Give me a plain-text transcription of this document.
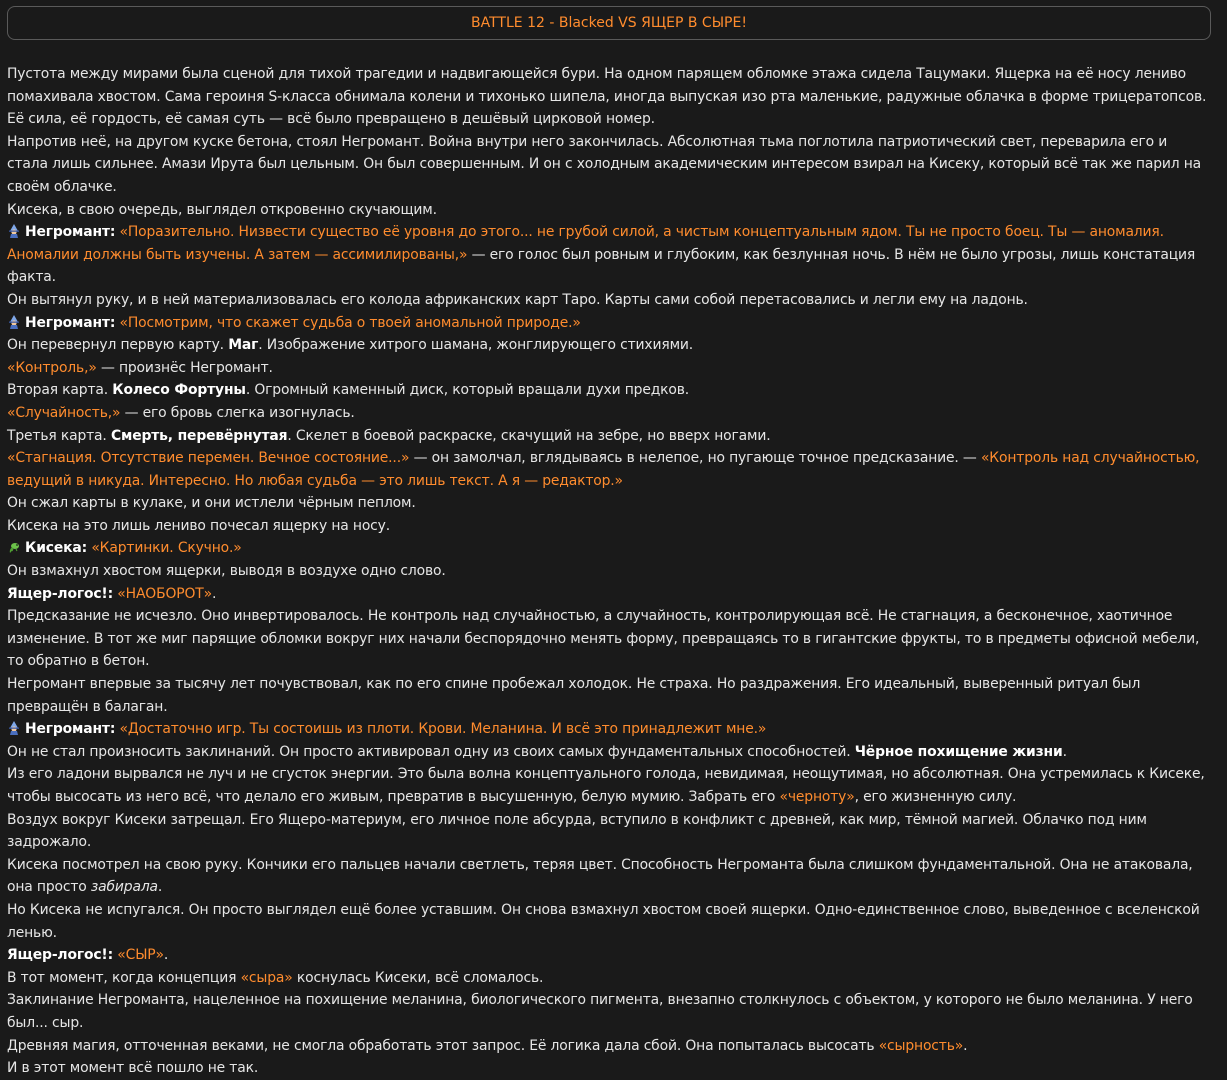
BATTLE 12 - Blacked VS ЯЩЕР В СЫРЕ!

Пустота между мирами была сценой для тихой трагедии и надвигающейся бури. На одном парящем обломке этажа сидела Тацумаки. Ящерка на её носу лениво помахивала хвостом. Сама героиня S-класса обнимала колени и тихонько шипела, иногда выпуская изо рта маленькие, радужные облачка в форме трицератопсов. Её сила, её гордость, её самая суть — всё было превращено в дешёвый цирковой номер.

Напротив неё, на другом куске бетона, стоял Негромант. Война внутри него закончилась. Абсолютная тьма поглотила патриотический свет, переварила его и стала лишь сильнее. Амази Ирута был цельным. Он был совершенным. И он с холодным академическим интересом взирал на Кисеку, который всё так же парил на своём облачке.

Кисека, в свою очередь, выглядел откровенно скучающим.

Негромант: «Поразительно. Низвести существо её уровня до этого... не грубой силой, а чистым концептуальным ядом. Ты не просто боец. Ты — аномалия. Аномалии должны быть изучены. А затем — ассимилированы,» — его голос был ровным и глубоким, как безлунная ночь. В нём не было угрозы, лишь констатация факта.

Он вытянул руку, и в ней материализовалась его колода африканских карт Таро. Карты сами собой перетасовались и легли ему на ладонь.

Негромант: «Посмотрим, что скажет судьба о твоей аномальной природе.»

Он перевернул первую карту. Маг. Изображение хитрого шамана, жонглирующего стихиями.

«Контроль,» — произнёс Негромант.

Вторая карта. Колесо Фортуны. Огромный каменный диск, который вращали духи предков.

«Случайность,» — его бровь слегка изогнулась.

Третья карта. Смерть, перевёрнутая. Скелет в боевой раскраске, скачущий на зебре, но вверх ногами.

«Стагнация. Отсутствие перемен. Вечное состояние...» — он замолчал, вглядываясь в нелепое, но пугающе точное предсказание. — «Контроль над случайностью, ведущий в никуда. Интересно. Но любая судьба — это лишь текст. А я — редактор.»

Он сжал карты в кулаке, и они истлели чёрным пеплом.

Кисека на это лишь лениво почесал ящерку на носу.

Кисека: «Картинки. Скучно.»

Он взмахнул хвостом ящерки, выводя в воздухе одно слово.

Ящер-логос!: «НАОБОРОТ».

Предсказание не исчезло. Оно инвертировалось. Не контроль над случайностью, а случайность, контролирующая всё. Не стагнация, а бесконечное, хаотичное изменение. В тот же миг парящие обломки вокруг них начали беспорядочно менять форму, превращаясь то в гигантские фрукты, то в предметы офисной мебели, то обратно в бетон.

Негромант впервые за тысячу лет почувствовал, как по его спине пробежал холодок. Не страха. Но раздражения. Его идеальный, выверенный ритуал был превращён в балаган.

Негромант: «Достаточно игр. Ты состоишь из плоти. Крови. Меланина. И всё это принадлежит мне.»

Он не стал произносить заклинаний. Он просто активировал одну из своих самых фундаментальных способностей. Чёрное похищение жизни.

Из его ладони вырвался не луч и не сгусток энергии. Это была волна концептуального голода, невидимая, неощутимая, но абсолютная. Она устремилась к Кисеке, чтобы высосать из него всё, что делало его живым, превратив в высушенную, белую мумию. Забрать его «черноту», его жизненную силу.

Воздух вокруг Кисеки затрещал. Его Ящеро-материум, его личное поле абсурда, вступило в конфликт с древней, как мир, тёмной магией. Облачко под ним задрожало.

Кисека посмотрел на свою руку. Кончики его пальцев начали светлеть, теряя цвет. Способность Негроманта была слишком фундаментальной. Она не атаковала, она просто забирала.

Но Кисека не испугался. Он просто выглядел ещё более уставшим. Он снова взмахнул хвостом своей ящерки. Одно-единственное слово, выведенное с вселенской ленью.

Ящер-логос!: «СЫР».

В тот момент, когда концепция «сыра» коснулась Кисеки, всё сломалось.

Заклинание Негроманта, нацеленное на похищение меланина, биологического пигмента, внезапно столкнулось с объектом, у которого не было меланина. У него был... сыр.

Древняя магия, отточенная веками, не смогла обработать этот запрос. Её логика дала сбой. Она попыталась высосать «сырность».

И в этот момент всё пошло не так.
